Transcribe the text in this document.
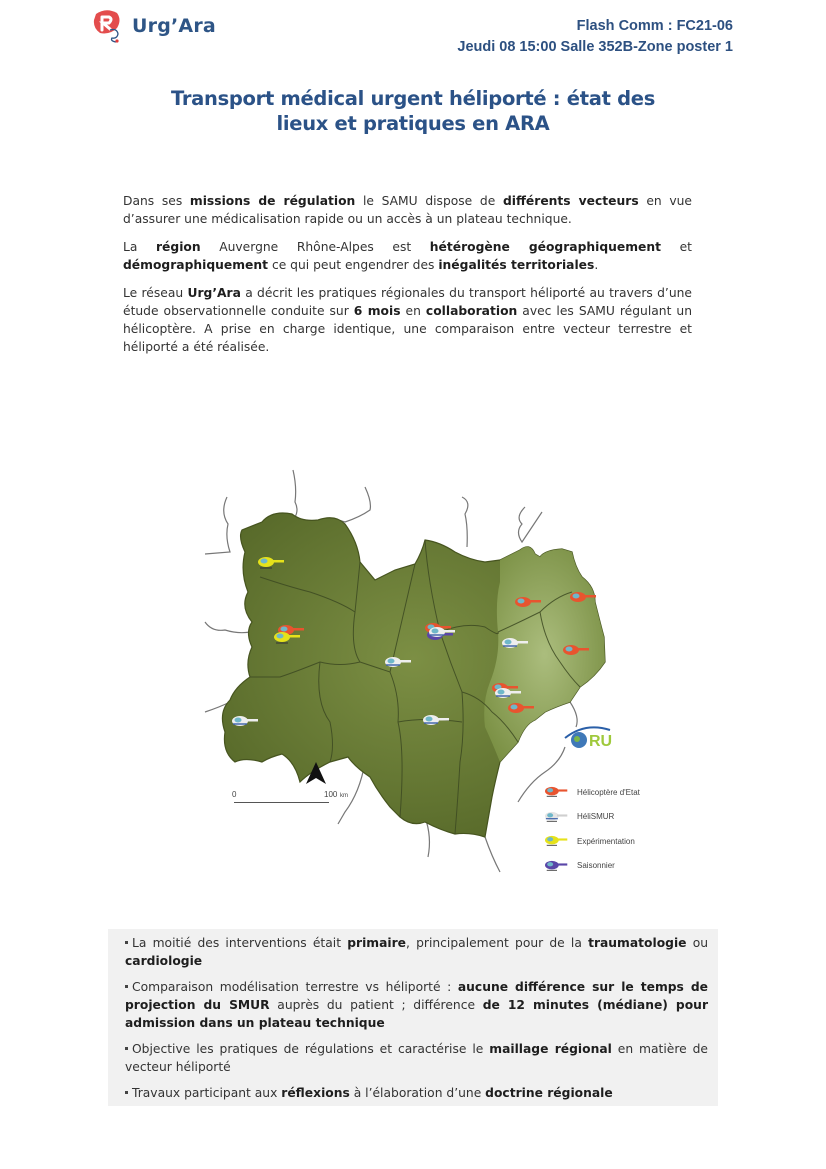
Urg’Ara	Flash Comm : FC21-06
Jeudi 08 15:00 Salle 352B-Zone poster 1
Transport médical urgent héliporté : état des
lieux et pratiques en ARA

Dans ses missions de régulation le SAMU dispose de différents vecteurs en vue d’assurer une médicalisation rapide ou un accès à un plateau technique.

La région Auvergne Rhône-Alpes est hétérogène géographiquement et démographiquement ce qui peut engendrer des inégalités territoriales.

Le réseau Urg’Ara a décrit les pratiques régionales du transport héliporté au travers d’une étude observationnelle conduite sur 6 mois en collaboration avec les SAMU régulant un hélicoptère. A prise en charge identique, une comparaison entre vecteur terrestre et héliporté a été réalisée.

RU
0	100 km	Hélicoptère d'Etat
HéliSMUR
Expérimentation
Saisonnier
La moitié des interventions était primaire, principalement pour de la traumatologie ou cardiologie
Comparaison modélisation terrestre vs héliporté : aucune différence sur le temps de projection du SMUR auprès du patient ; différence de 12 minutes (médiane) pour admission dans un plateau technique
Objective les pratiques de régulations et caractérise le maillage régional en matière de vecteur héliporté
Travaux participant aux réflexions à l’élaboration d’une doctrine régionale
